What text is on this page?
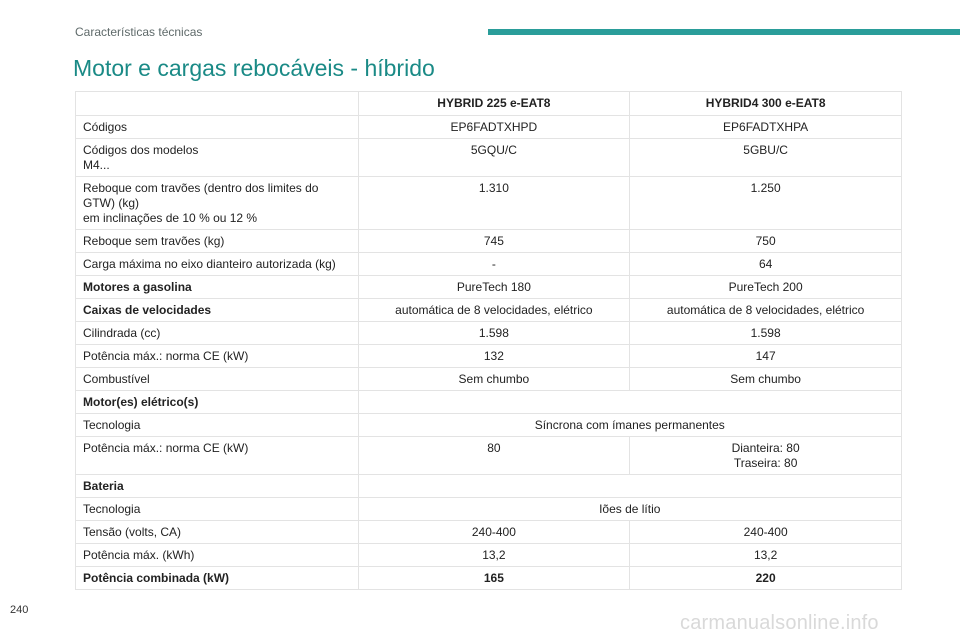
Características técnicas
Motor e cargas rebocáveis - híbrido
	HYBRID 225 e-EAT8	HYBRID4 300 e-EAT8
Códigos	EP6FADTXHPD	EP6FADTXHPA
Códigos dos modelos
M4...	5GQU/C	5GBU/C
Reboque com travões (dentro dos limites do GTW) (kg)
em inclinações de 10 % ou 12 %	1.310	1.250
Reboque sem travões (kg)	745	750
Carga máxima no eixo dianteiro autorizada (kg)	-	64
Motores a gasolina	PureTech 180	PureTech 200
Caixas de velocidades	automática de 8 velocidades, elétrico	automática de 8 velocidades, elétrico
Cilindrada (cc)	1.598	1.598
Potência máx.: norma CE (kW)	132	147
Combustível	Sem chumbo	Sem chumbo
Motor(es) elétrico(s)		
Tecnologia	Síncrona com ímanes permanentes	
Potência máx.: norma CE (kW)	80	Dianteira: 80
Traseira: 80
Bateria		
Tecnologia	Iões de lítio	
Tensão (volts, CA)	240-400	240-400
Potência máx. (kWh)	13,2	13,2
Potência combinada (kW)	165	220
240
carmanualsonline.info
